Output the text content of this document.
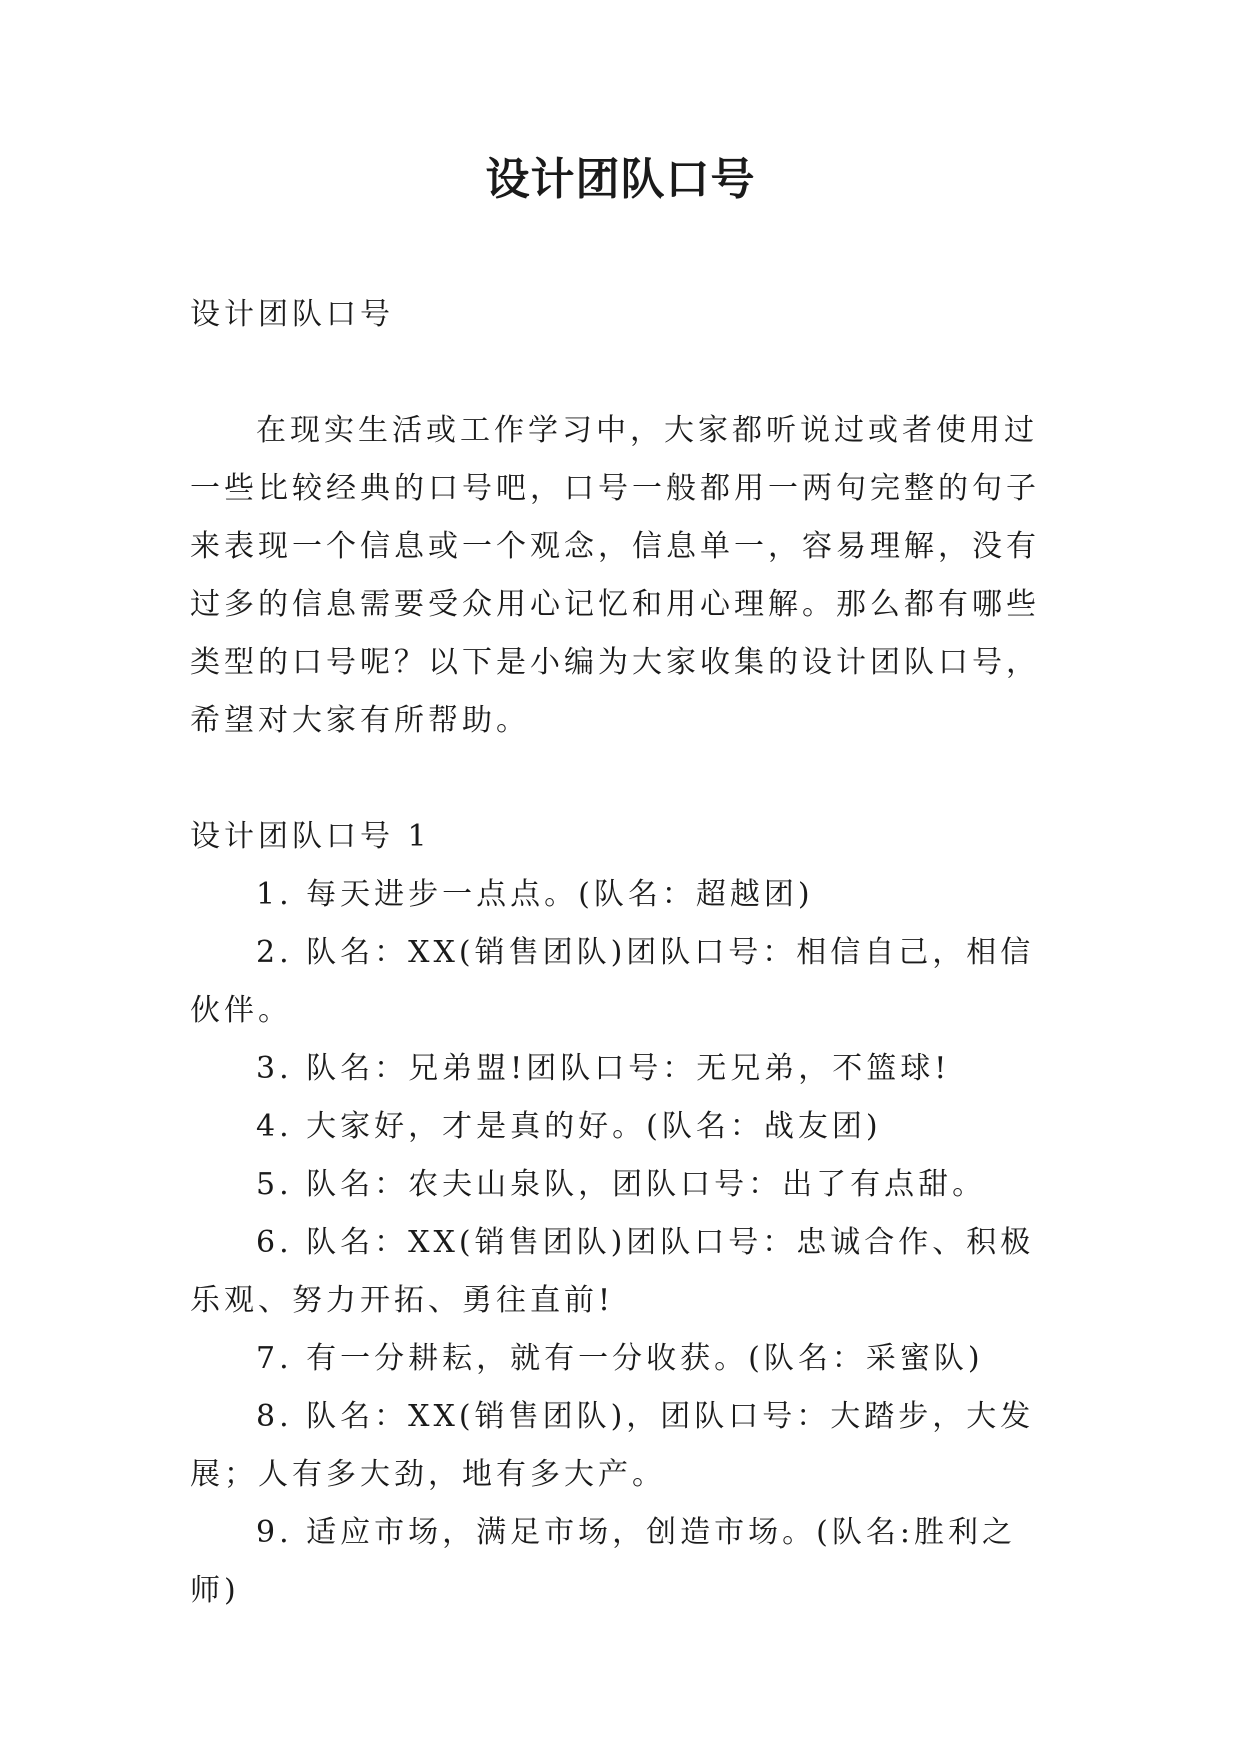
设计团队口号

设计团队口号

在现实生活或工作学习中，大家都听说过或者使用过一些比较经典的口号吧，口号一般都用一两句完整的句子来表现一个信息或一个观念，信息单一，容易理解，没有过多的信息需要受众用心记忆和用心理解。那么都有哪些类型的口号呢？以下是小编为大家收集的设计团队口号，希望对大家有所帮助。

设计团队口号 1

1. 每天进步一点点。(队名：超越团)

2. 队名：XX(销售团队)团队口号：相信自己，相信伙伴。

3. 队名：兄弟盟!团队口号：无兄弟，不篮球!

4. 大家好，才是真的好。(队名：战友团)

5. 队名：农夫山泉队，团队口号：出了有点甜。

6. 队名：XX(销售团队)团队口号：忠诚合作、积极乐观、努力开拓、勇往直前!

7. 有一分耕耘，就有一分收获。(队名：采蜜队)

8. 队名：XX(销售团队)，团队口号：大踏步，大发展；人有多大劲，地有多大产。

9. 适应市场，满足市场，创造市场。(队名:胜利之师)
